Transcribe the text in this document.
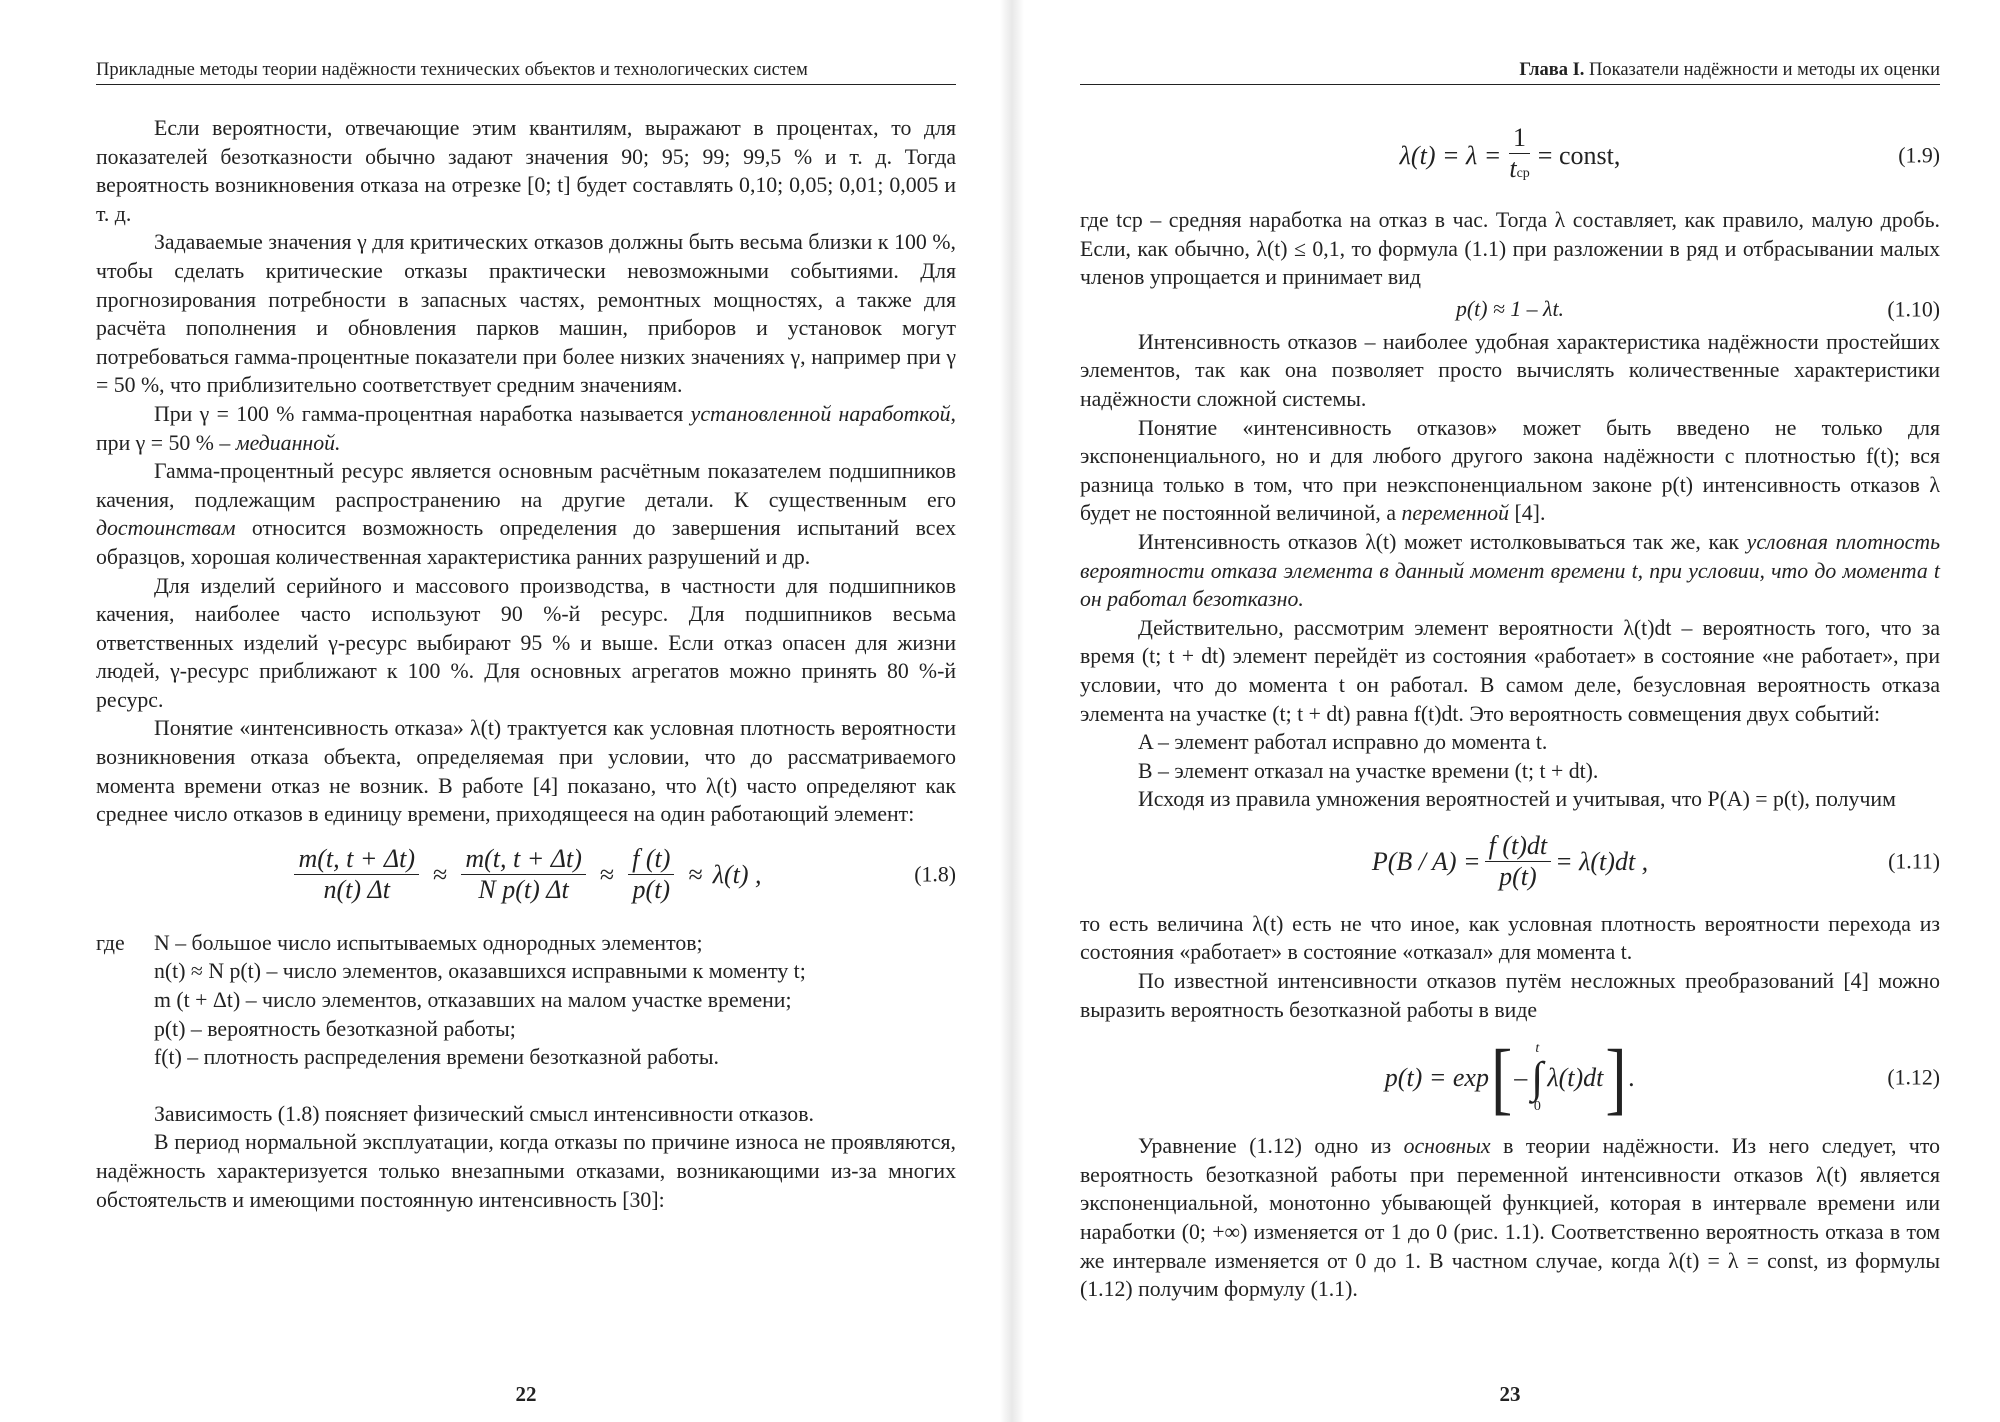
Прикладные методы теории надёжности технических объектов и технологических систем

Если вероятности, отвечающие этим квантилям, выражают в процентах, то для показателей безотказности обычно задают значения 90; 95; 99; 99,5 % и т. д. Тогда вероятность возникновения отказа на отрезке [0; t] будет составлять 0,10; 0,05; 0,01; 0,005 и т. д.

Задаваемые значения γ для критических отказов должны быть весьма близки к 100 %, чтобы сделать критические отказы практически невозможными событиями. Для прогнозирования потребности в запасных частях, ремонтных мощностях, а также для расчёта пополнения и обновления парков машин, приборов и установок могут потребоваться гамма-процентные показатели при более низких значениях γ, например при γ = 50 %, что приблизительно соответствует средним значениям.

При γ = 100 % гамма-процентная наработка называется установленной наработкой, при γ = 50 % – медианной.

Гамма-процентный ресурс является основным расчётным показателем подшипников качения, подлежащим распространению на другие детали. К существенным его достоинствам относится возможность определения до завершения испытаний всех образцов, хорошая количественная характеристика ранних разрушений и др.

Для изделий серийного и массового производства, в частности для подшипников качения, наиболее часто используют 90 %-й ресурс. Для подшипников весьма ответственных изделий γ-ресурс выбирают 95 % и выше. Если отказ опасен для жизни людей, γ-ресурс приближают к 100 %. Для основных агрегатов можно принять 80 %-й ресурс.

Понятие «интенсивность отказа» λ(t) трактуется как условная плотность вероятности возникновения отказа объекта, определяемая при условии, что до рассматриваемого момента времени отказ не возник. В работе [4] показано, что λ(t) часто определяют как среднее число отказов в единицу времени, приходящееся на один работающий элемент:

$\frac{m(t, t + \Delta t)}{n(t) \Delta t} \approx \frac{m(t, t + \Delta t)}{\text{N p(t) Δt}} \approx \frac{f (t)}{p(t)} \approx \lambda(t)$ ,	(1.8)
где	N – большое число испытываемых однородных элементов;
n(t) ≈ N p(t) – число элементов, оказавшихся исправными к моменту t;
m (t + Δt) – число элементов, отказавших на малом участке времени;
p(t) – вероятность безотказной работы;
f(t) – плотность распределения времени безотказной работы.

Зависимость (1.8) поясняет физический смысл интенсивности отказов.

В период нормальной эксплуатации, когда отказы по причине износа не проявляются, надёжность характеризуется только внезапными отказами, возникающими из-за многих обстоятельств и имеющими постоянную интенсивность [30]:

22
Глава I. Показатели надёжности и методы их оценки
$\lambda(t) = \lambda = \frac{1}{\text{tср}}$ = const,	(1.9)

где tср – средняя наработка на отказ в час. Тогда λ составляет, как правило, малую дробь. Если, как обычно, λ(t) ≤ 0,1, то формула (1.1) при разложении в ряд и отбрасывании малых членов упрощается и принимает вид

p(t) ≈ 1 – λt.	(1.10)

Интенсивность отказов – наиболее удобная характеристика надёжности простейших элементов, так как она позволяет просто вычислять количественные характеристики надёжности сложной системы.

Понятие «интенсивность отказов» может быть введено не только для экспоненциального, но и для любого другого закона надёжности с плотностью f(t); вся разница только в том, что при неэкспоненциальном законе p(t) интенсивность отказов λ будет не постоянной величиной, а переменной [4].

Интенсивность отказов λ(t) может истолковываться так же, как условная плотность вероятности отказа элемента в данный момент времени t, при условии, что до момента t он работал безотказно.

Действительно, рассмотрим элемент вероятности λ(t)dt – вероятность того, что за время (t; t + dt) элемент перейдёт из состояния «работает» в состояние «не работает», при условии, что до момента t он работал. В самом деле, безусловная вероятность отказа элемента на участке (t; t + dt) равна f(t)dt. Это вероятность совмещения двух событий:

A – элемент работал исправно до момента t.
B – элемент отказал на участке времени (t; t + dt).

Исходя из правила умножения вероятностей и учитывая, что P(A) = p(t), получим

$P(B / A) = \frac{f (t)dt}{p(t)} = \lambda(t)dt$ ,	(1.11)

то есть величина λ(t) есть не что иное, как условная плотность вероятности перехода из состояния «работает» в состояние «отказал» для момента t.

По известной интенсивности отказов путём несложных преобразований [4] можно выразить вероятность безотказной работы в виде

p(t) = exp [ –
t
∫
0
λ(t)dt ] .	(1.12)

Уравнение (1.12) одно из основных в теории надёжности. Из него следует, что вероятность безотказной работы при переменной интенсивности отказов λ(t) является экспоненциальной, монотонно убывающей функцией, которая в интервале времени или наработки (0; +∞) изменяется от 1 до 0 (рис. 1.1). Соответственно вероятность отказа в том же интервале изменяется от 0 до 1. В частном случае, когда λ(t) = λ = const, из формулы (1.12) получим формулу (1.1).

23
